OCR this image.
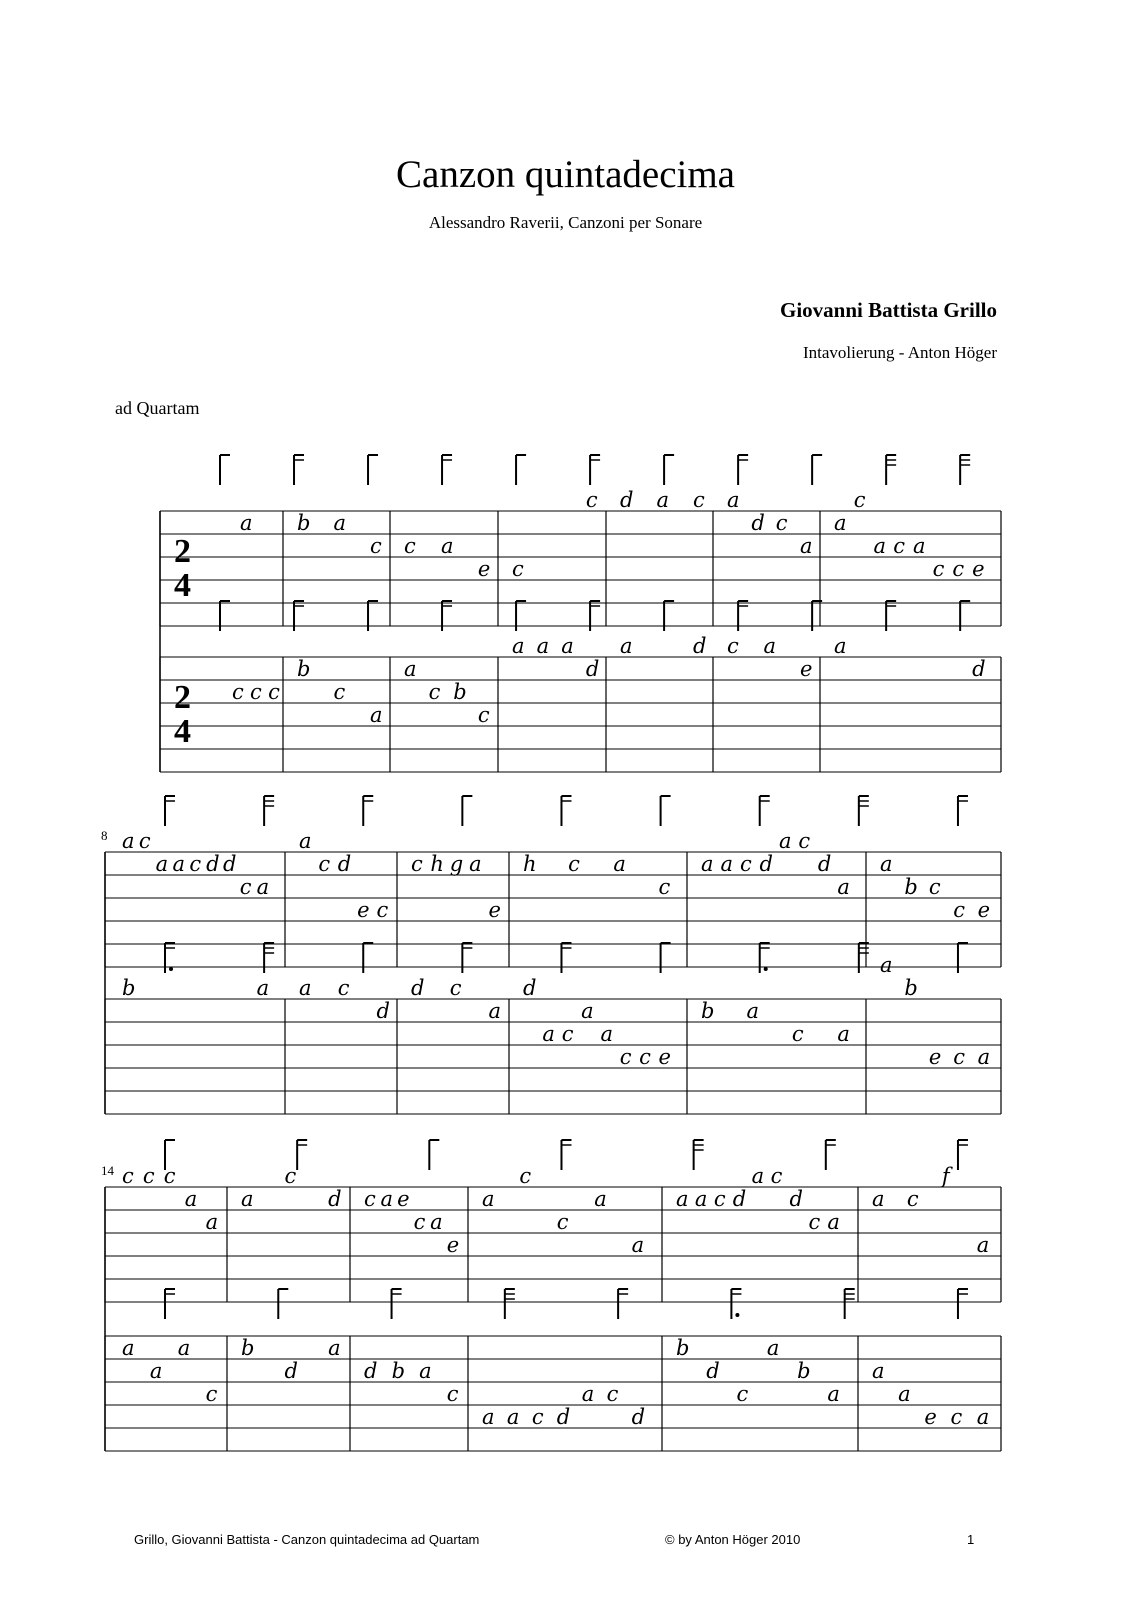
Canzon quintadecima
Alessandro Raverii, Canzoni per Sonare
Giovanni Battista Grillo
Intavolierung - Anton Höger
ad Quartam
2
4
a b a
c c a
e c
c d a c a
d c
a
a
c
a c a
c c e
2
4
c c c
b
c
a
a
c b
c
a a a
d
a	d c a
e
a
d
8 a c
a a c d d
c a
a
c d
e c
c h g a
e
h c a
c
a a c d
a c
d
a
a
b c
c e
b	a a c
d
d c
a
d
a c
a
a
c c e
b a
c a
a
b
e c a
14 c c c
a
a
a
c
d c a e
c a
e
a
c
c
a
a
a a c d
a c
d
c a
a c
f
a
a
a
a
c
b
d
a
d b a
c
a a c d
a c
d
b
d
c
a
b
a
a
a
e c a
Grillo, Giovanni Battista - Canzon quintadecima ad Quartam	© by Anton Höger 2010	1
